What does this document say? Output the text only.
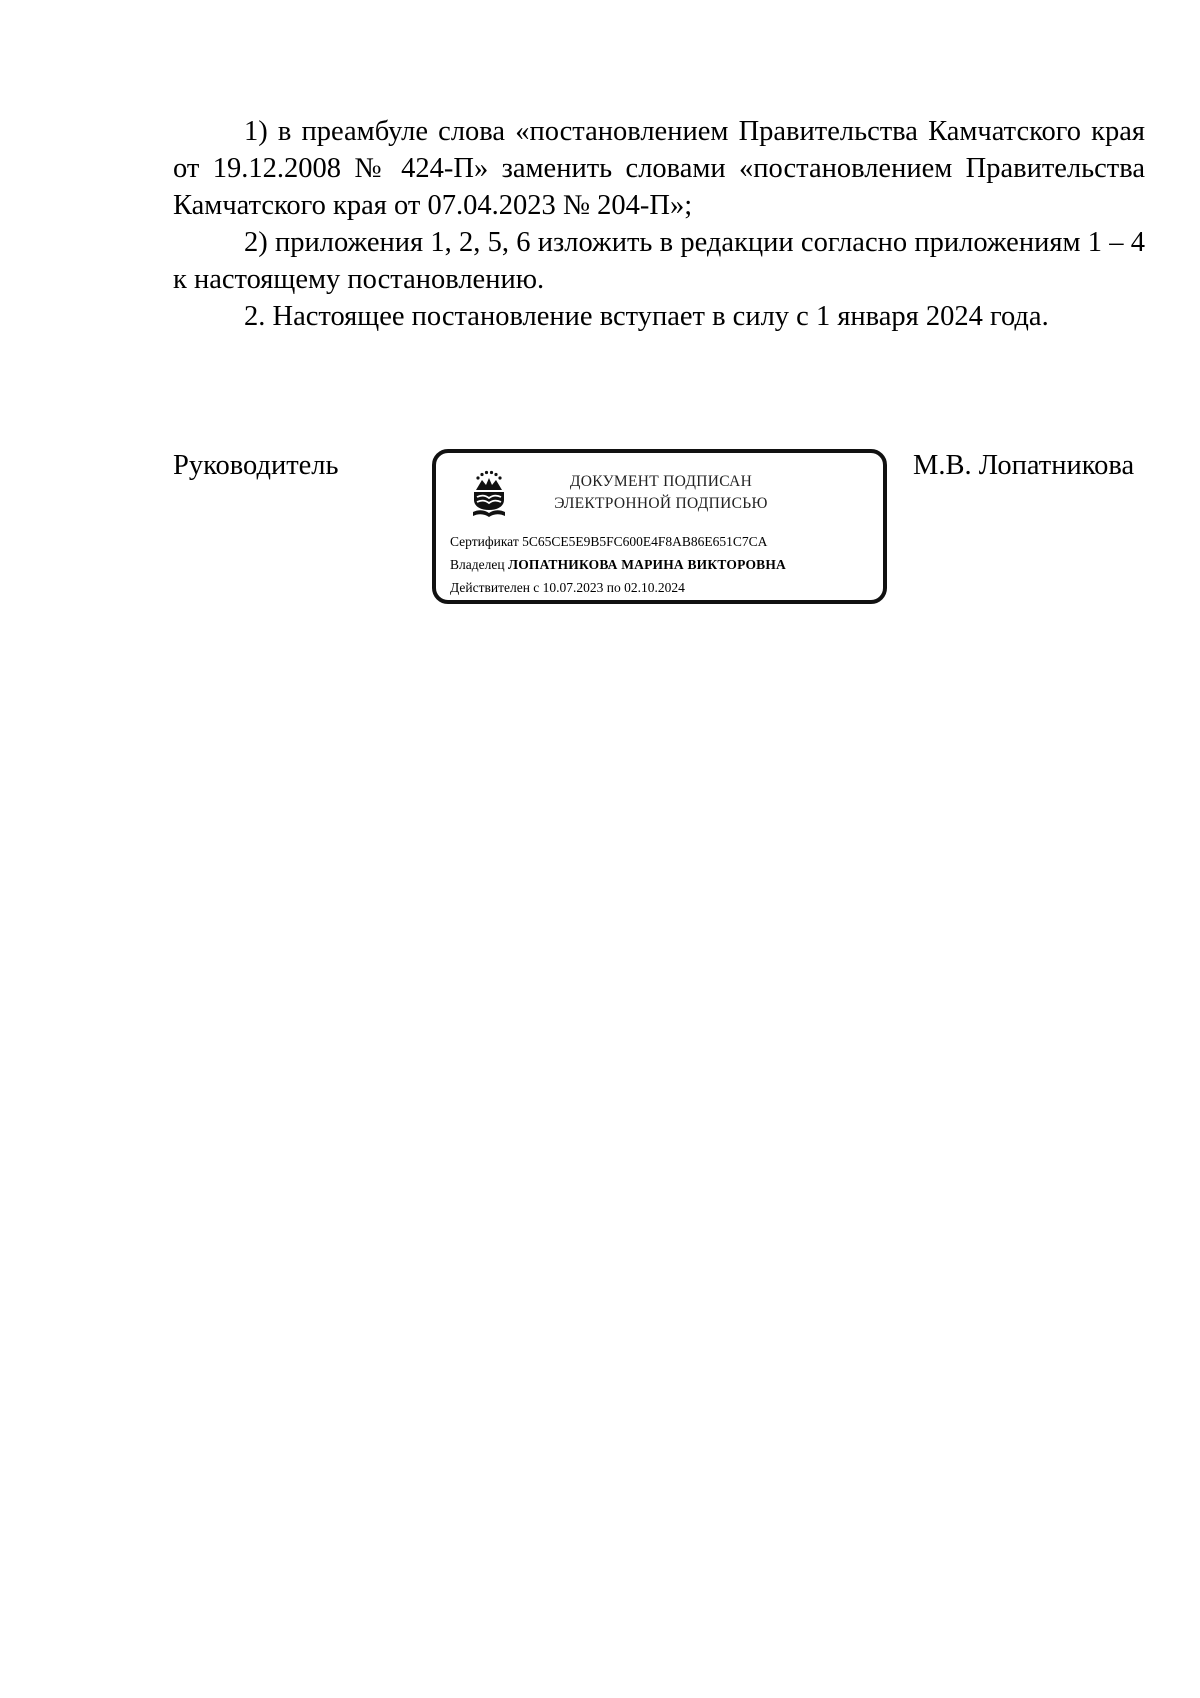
1) в преамбуле слова «постановлением Правительства Камчатского края от 19.12.2008 № 424-П» заменить словами «постановлением Правительства Камчатского края от 07.04.2023 № 204-П»;

2) приложения 1, 2, 5, 6 изложить в редакции согласно приложениям 1 – 4 к настоящему постановлению.

2. Настоящее постановление вступает в силу с 1 января 2024 года.

Руководитель
ДОКУМЕНТ ПОДПИСАН
ЭЛЕКТРОННОЙ ПОДПИСЬЮ
Сертификат 5C65CE5E9B5FC600E4F8AB86E651C7CA
Владелец ЛОПАТНИКОВА МАРИНА ВИКТОРОВНА
Действителен с 10.07.2023 по 02.10.2024
М.В. Лопатникова
